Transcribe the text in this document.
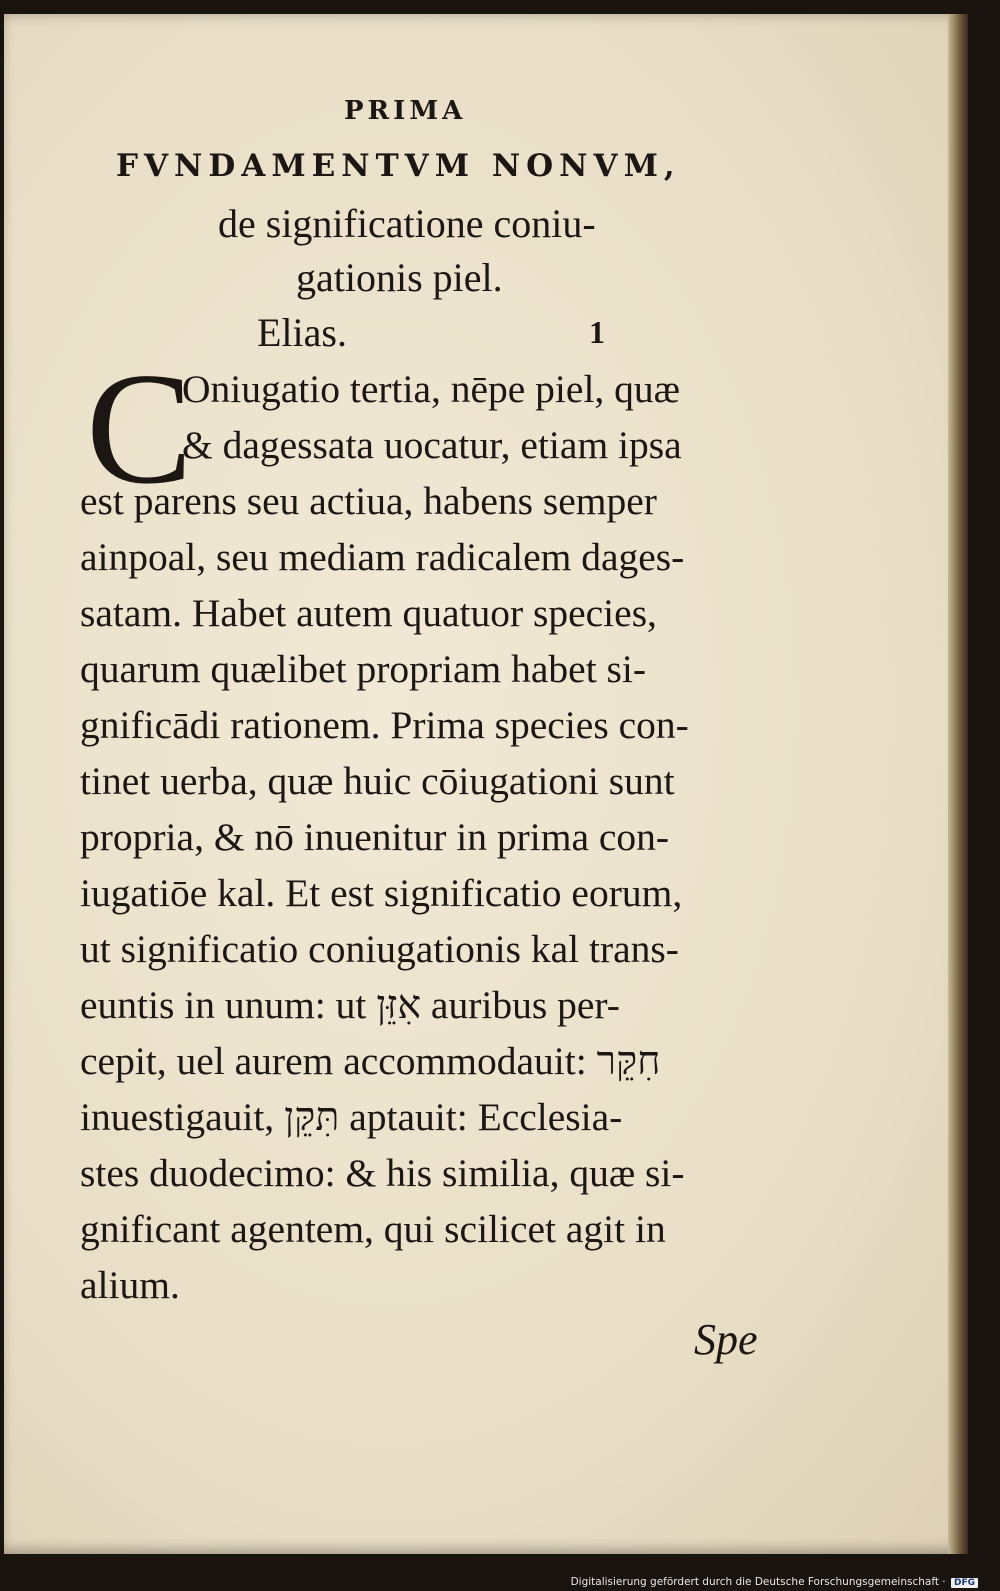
PRIMA
FVNDAMENTVM NONVM,
de significatione coniu-
gationis piel.
Elias.	1
C
Oniugatio tertia, nēpe piel, quæ
& dagessata uocatur, etiam ipsa
est parens seu actiua, habens semper
ainpoal, seu mediam radicalem dages-
satam. Habet autem quatuor species,
quarum quælibet propriam habet si-
gnificādi rationem. Prima species con-
tinet uerba, quæ huic cōiugationi sunt
propria, & nō inuenitur in prima con-
iugatiōe kal. Et est significatio eorum,
ut significatio coniugationis kal trans-
euntis in unum: ut אִזֵּן auribus per-
cepit, uel aurem accommodauit: חִקֵּר
inuestigauit, תִּקֵּן aptauit: Ecclesia-
stes duodecimo: & his similia, quæ si-
gnificant agentem, qui scilicet agit in
alium.
Spe
Digitalisierung gefördert durch die Deutsche Forschungsgemeinschaft · DFG
